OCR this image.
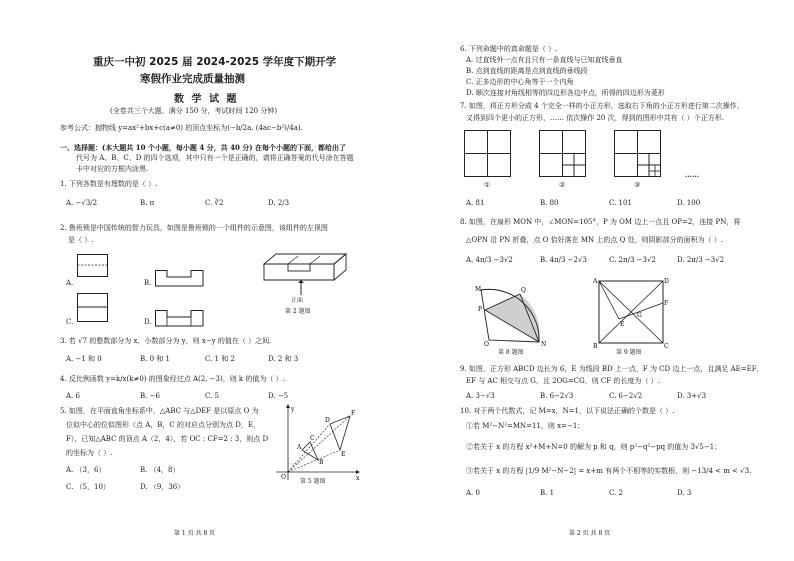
重庆一中初 2025 届 2024-2025 学年度下期开学
寒假作业完成质量抽测
数 学 试 题
(全卷共三个大题，满分 150 分，考试时间 120 分钟)
参考公式：抛物线 y=ax²+bx+c(a≠0) 的顶点坐标为(−b/2a, (4ac−b²)/4a).
一、选择题：(本大题共 10 个小题，每小题 4 分，共 40 分) 在每个小题的下面，都给出了
代号为 A、B、C、D 的四个选项，其中只有一个是正确的，请将正确答案的代号涂在答题
卡中对应的方框内涂黑.
1. 下列各数是有理数的是（ ）.
A. −√3/2	B. π	C. ∛2	D. 2/3
2. 鲁班锁是中国传统的智力玩具，如图是鲁班锁的一个组件的示意图，该组件的左视图
是（ ）.
A.	B.
C.	D.
正面
第 2 题图
3. 若 √7 的整数部分为 x，小数部分为 y，则 x−y 的值在（ ）之间.
A. −1 和 0	B. 0 和 1	C. 1 和 2	D. 2 和 3
4. 反比例函数 y=k/x(k≠0) 的图象经过点 A(2, −3)，则 k 的值为（ ）.
A. 6	B. −6	C. 5	D. −5
5. 如图，在平面直角坐标系中，△ABC 与△DEF 是以原点 O 为
位似中心的位似图形（点 A，B，C 的对应点分别为点 D，E，
F），已知△ABC 的顶点 A（2，4），若 OC : CF=2 : 3，则点 D
的坐标为（ ）.
A. （3，6）	B. （4，8）
C. （5，10）	D. （9，36）
D
F
A
C
B
E
O	x
y
第 5 题图
第 1 页 共 8 页
6. 下列命题中的真命题是（ ）.
A. 过直线外一点有且只有一条直线与已知直线垂直
B. 点到直线的距离是点到直线的垂线段
C. 正多边形的中心角等于一个内角
D. 顺次连接对角线相等的四边形各边中点，所得的四边形为菱形
7. 如图，将正方形分成 4 个完全一样的小正方形，选取右下角的小正方形进行第二次操作，
又得到四个更小的正方形，…… 依次操作 20 次，得到的图形中共有（ ）个正方形.
①	②	③
……
A. 81	B. 80	C. 101	D. 100
8. 如图，在扇形 MON 中，∠MON=105°，P 为 OM 边上一点且 OP=2，连接 PN，将
△OPN 沿 PN 折叠，点 O 恰好落在 MN 上的点 Q 处，则阴影部分的面积为（ ）.
A. 4π/3 −3√2	B. 4π/3 −2√3	C. 2π/3 −3√2	D. 2π/3 −3√2
M
P
Q
O	N
第 8 题图
A	D
E
F
G
B	C
第 9 题图
9. 如图，正方形 ABCD 边长为 6，E 为线段 BD 上一点，F 为 CD 边上一点，且满足 AE=EF，
EF 与 AC 相交与点 G，且 2OG=CG，则 CF 的长度为（ ）.
A. 3−√3	B. 6−2√3	C. 6−2√2	D. 3+√3
10. 对于两个代数式，记 M=x，N=1，以下说法正确的个数是（ ）.
①若 M²−N²=MN=11，则 x=−1；
②若关于 x 的方程 x²+M+N=0 的解为 p 和 q，则 p²−q²−pq 的值为 3√5−1；
③若关于 x 的方程 |1/9 M²−N−2| = x+m 有两个不相等的实数根，则 −13/4 < m < √3.
A. 0	B. 1	C. 2	D. 3
第 2 页 共 8 页
